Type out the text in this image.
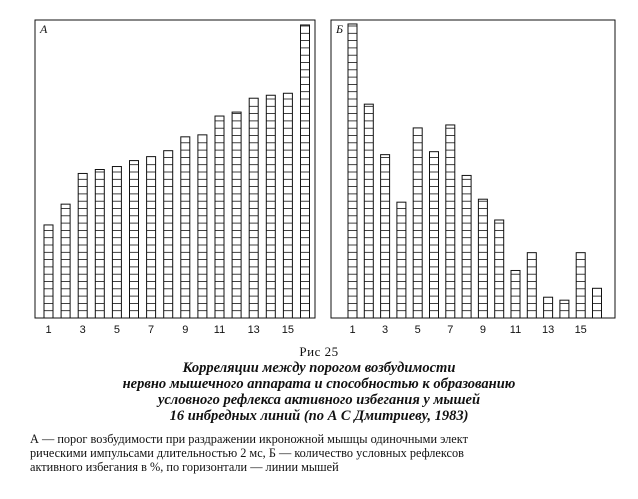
А
1	3	5	7	9 11 13 15
Б
1 3 5 7 9 11 13 15
Рис 25
Корреляции между порогом возбудимости
нервно мышечного аппарата и способностью к образованию
условного рефлекса активного избегания у мышей
16 инбредных линий (по А С Дмитриеву, 1983)
А — порог возбудимости при раздражении икроножной мышцы одиночными элект
рическими импульсами длительностью 2 мс, Б — количество условных рефлексов
активного избегания в %, по горизонтали — линии мышей
